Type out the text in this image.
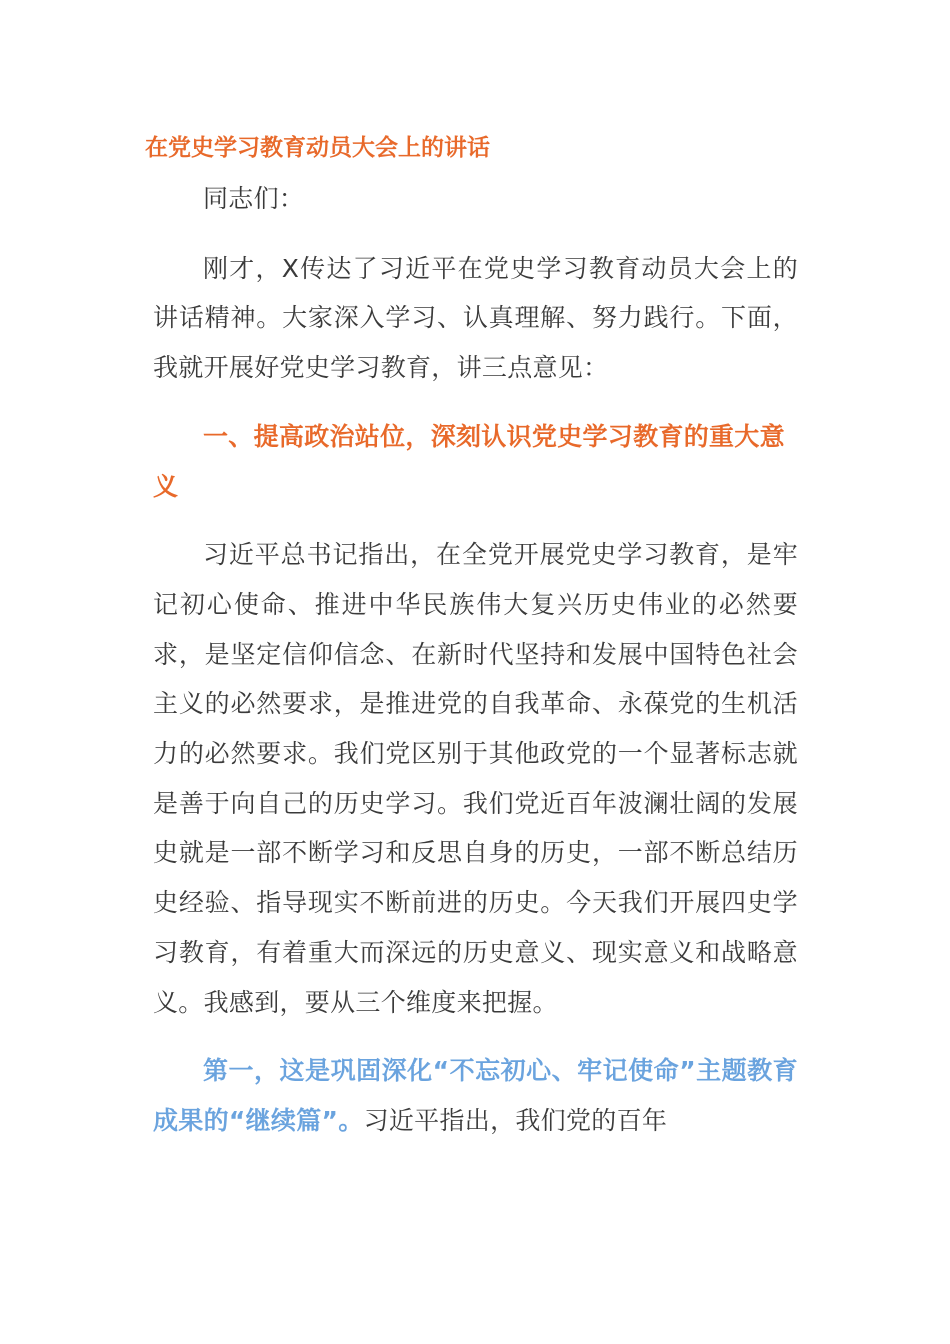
在党史学习教育动员大会上的讲话

同志们：

刚才，X传达了习近平在党史学习教育动员大会上的讲话精神。大家深入学习、认真理解、努力践行。下面，我就开展好党史学习教育，讲三点意见：

一、提高政治站位，深刻认识党史学习教育的重大意义

习近平总书记指出，在全党开展党史学习教育，是牢记初心使命、推进中华民族伟大复兴历史伟业的必然要求，是坚定信仰信念、在新时代坚持和发展中国特色社会主义的必然要求，是推进党的自我革命、永葆党的生机活力的必然要求。我们党区别于其他政党的一个显著标志就是善于向自己的历史学习。我们党近百年波澜壮阔的发展史就是一部不断学习和反思自身的历史，一部不断总结历史经验、指导现实不断前进的历史。今天我们开展四史学习教育，有着重大而深远的历史意义、现实意义和战略意义。我感到，要从三个维度来把握。

第一，这是巩固深化“不忘初心、牢记使命”主题教育成果的“继续篇”。习近平指出，我们党的百年
